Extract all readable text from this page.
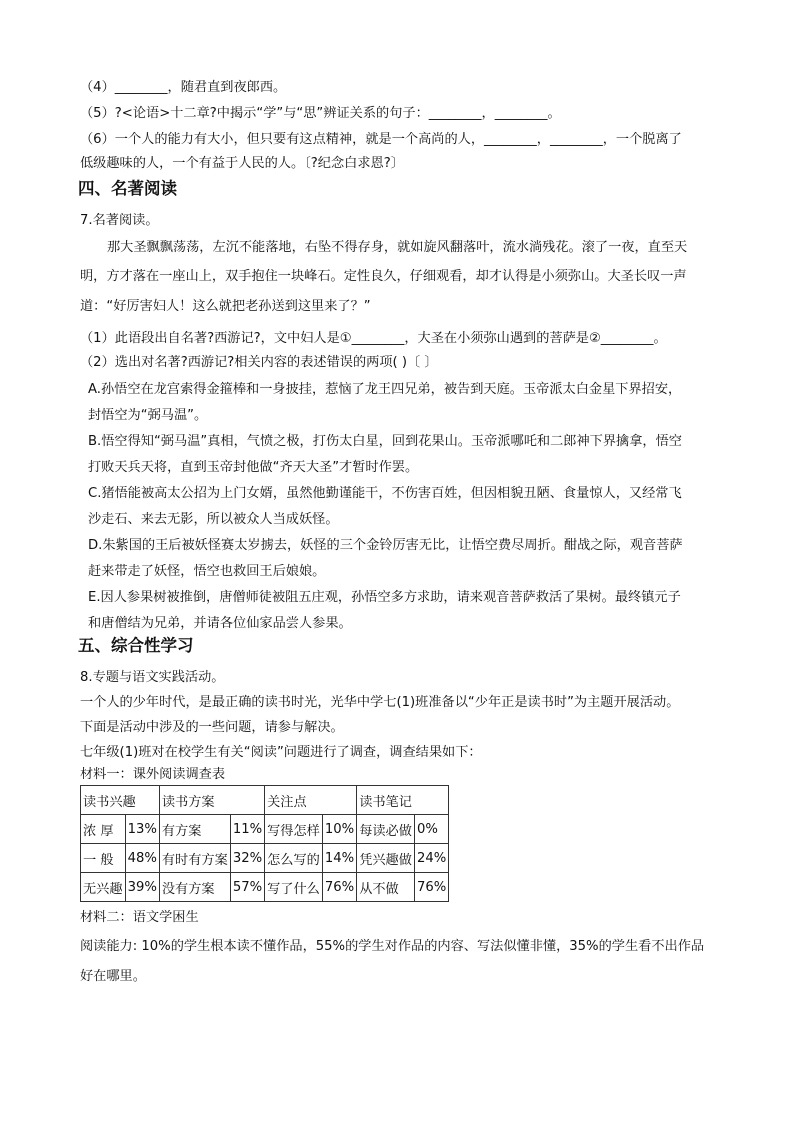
（4）________，随君直到夜郎西。
（5）?<论语>十二章?中揭示“学”与“思”辨证关系的句子：________，________。
（6）一个人的能力有大小，但只要有这点精神，就是一个高尚的人，________，________，一个脱离了
低级趣味的人，一个有益于人民的人。〔?纪念白求恩?〕
四、名著阅读
7.名著阅读。
那大圣飘飘荡荡，左沉不能落地，右坠不得存身，就如旋风翻落叶，流水淌残花。滚了一夜，直至天
明，方才落在一座山上，双手抱住一块峰石。定性良久，仔细观看，却才认得是小须弥山。大圣长叹一声
道：“好厉害妇人！这么就把老孙送到这里来了？”
（1）此语段出自名著?西游记?，文中妇人是①________，大圣在小须弥山遇到的菩萨是②________。
（2）选出对名著?西游记?相关内容的表述错误的两项( )〔 〕
A.孙悟空在龙宫索得金箍棒和一身披挂，惹恼了龙王四兄弟，被告到天庭。玉帝派太白金星下界招安，
封悟空为“弼马温”。
B.悟空得知“弼马温”真相，气愤之极，打伤太白星，回到花果山。玉帝派哪吒和二郎神下界擒拿，悟空
打败天兵天将，直到玉帝封他做“齐天大圣”才暂时作罢。
C.猪悟能被高太公招为上门女婿，虽然他勤谨能干，不伤害百姓，但因相貌丑陋、食量惊人，又经常飞
沙走石、来去无影，所以被众人当成妖怪。
D.朱紫国的王后被妖怪赛太岁掳去，妖怪的三个金铃厉害无比，让悟空费尽周折。酣战之际，观音菩萨
赶来带走了妖怪，悟空也救回王后娘娘。
E.因人参果树被推倒，唐僧师徒被阻五庄观，孙悟空多方求助，请来观音菩萨救活了果树。最终镇元子
和唐僧结为兄弟，并请各位仙家品尝人参果。
五、综合性学习
8.专题与语文实践活动。
一个人的少年时代，是最正确的读书时光，光华中学七(1)班准备以“少年正是读书时”为主题开展活动。
下面是活动中涉及的一些问题，请参与解决。
七年级(1)班对在校学生有关“阅读”问题进行了调查，调查结果如下：
材料一：课外阅读调查表
读书兴趣		读书方案		关注点		读书笔记	
浓 厚	13%	有方案	11%	写得怎样	10%	每读必做	0%
一 般	48%	有时有方案	32%	怎么写的	14%	凭兴趣做	24%
无兴趣	39%	没有方案	57%	写了什么	76%	从不做	76%
材料二：语文学困生
阅读能力: 10%的学生根本读不懂作品，55%的学生对作品的内容、写法似懂非懂，35%的学生看不出作品
好在哪里。
